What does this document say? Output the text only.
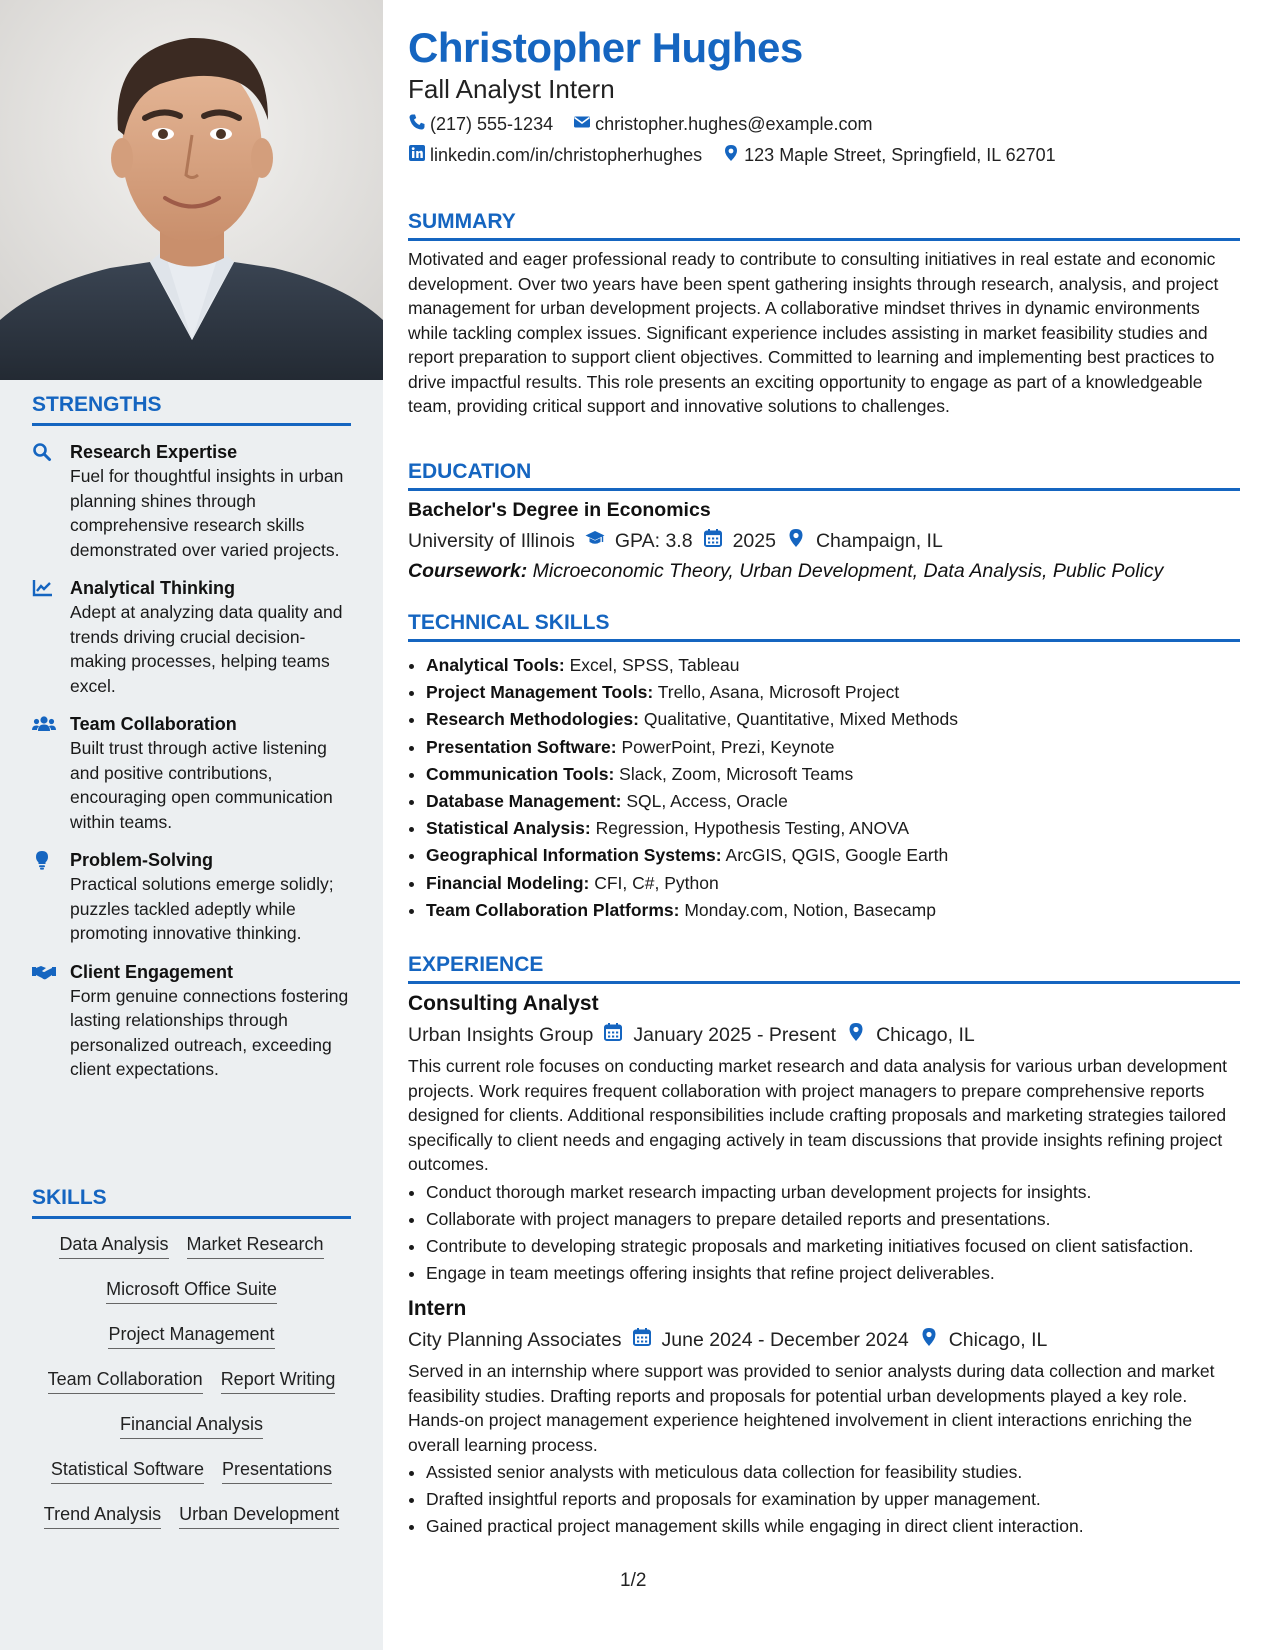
STRENGTHS
Research Expertise
Fuel for thoughtful insights in urban planning shines through comprehensive research skills demonstrated over varied projects.
Analytical Thinking
Adept at analyzing data quality and trends driving crucial decision-making processes, helping teams excel.
Team Collaboration
Built trust through active listening and positive contributions, encouraging open communication within teams.
Problem-Solving
Practical solutions emerge solidly; puzzles tackled adeptly while promoting innovative thinking.
Client Engagement
Form genuine connections fostering lasting relationships through personalized outreach, exceeding client expectations.
SKILLS
Data Analysis Market Research
Microsoft Office Suite
Project Management
Team Collaboration Report Writing
Financial Analysis
Statistical Software Presentations
Trend Analysis Urban Development
Christopher Hughes
Fall Analyst Intern
(217) 555-1234 christopher.hughes@example.com
linkedin.com/in/christopherhughes 123 Maple Street, Springfield, IL 62701
SUMMARY
Motivated and eager professional ready to contribute to consulting initiatives in real estate and economic development. Over two years have been spent gathering insights through research, analysis, and project management for urban development projects. A collaborative mindset thrives in dynamic environments while tackling complex issues. Significant experience includes assisting in market feasibility studies and report preparation to support client objectives. Committed to learning and implementing best practices to drive impactful results. This role presents an exciting opportunity to engage as part of a knowledgeable team, providing critical support and innovative solutions to challenges.
EDUCATION
Bachelor's Degree in Economics
University of Illinois GPA: 3.8 2025 Champaign, IL
Coursework: Microeconomic Theory, Urban Development, Data Analysis, Public Policy
TECHNICAL SKILLS
• Analytical Tools: Excel, SPSS, Tableau
• Project Management Tools: Trello, Asana, Microsoft Project
• Research Methodologies: Qualitative, Quantitative, Mixed Methods
• Presentation Software: PowerPoint, Prezi, Keynote
• Communication Tools: Slack, Zoom, Microsoft Teams
• Database Management: SQL, Access, Oracle
• Statistical Analysis: Regression, Hypothesis Testing, ANOVA
• Geographical Information Systems: ArcGIS, QGIS, Google Earth
• Financial Modeling: CFI, C#, Python
• Team Collaboration Platforms: Monday.com, Notion, Basecamp
EXPERIENCE
Consulting Analyst
Urban Insights Group January 2025 - Present Chicago, IL
This current role focuses on conducting market research and data analysis for various urban development projects. Work requires frequent collaboration with project managers to prepare comprehensive reports designed for clients. Additional responsibilities include crafting proposals and marketing strategies tailored specifically to client needs and engaging actively in team discussions that provide insights refining project outcomes.
• Conduct thorough market research impacting urban development projects for insights.
• Collaborate with project managers to prepare detailed reports and presentations.
• Contribute to developing strategic proposals and marketing initiatives focused on client satisfaction.
• Engage in team meetings offering insights that refine project deliverables.
Intern
City Planning Associates June 2024 - December 2024 Chicago, IL
Served in an internship where support was provided to senior analysts during data collection and market feasibility studies. Drafting reports and proposals for potential urban developments played a key role. Hands-on project management experience heightened involvement in client interactions enriching the overall learning process.
• Assisted senior analysts with meticulous data collection for feasibility studies.
• Drafted insightful reports and proposals for examination by upper management.
• Gained practical project management skills while engaging in direct client interaction.
1/2
